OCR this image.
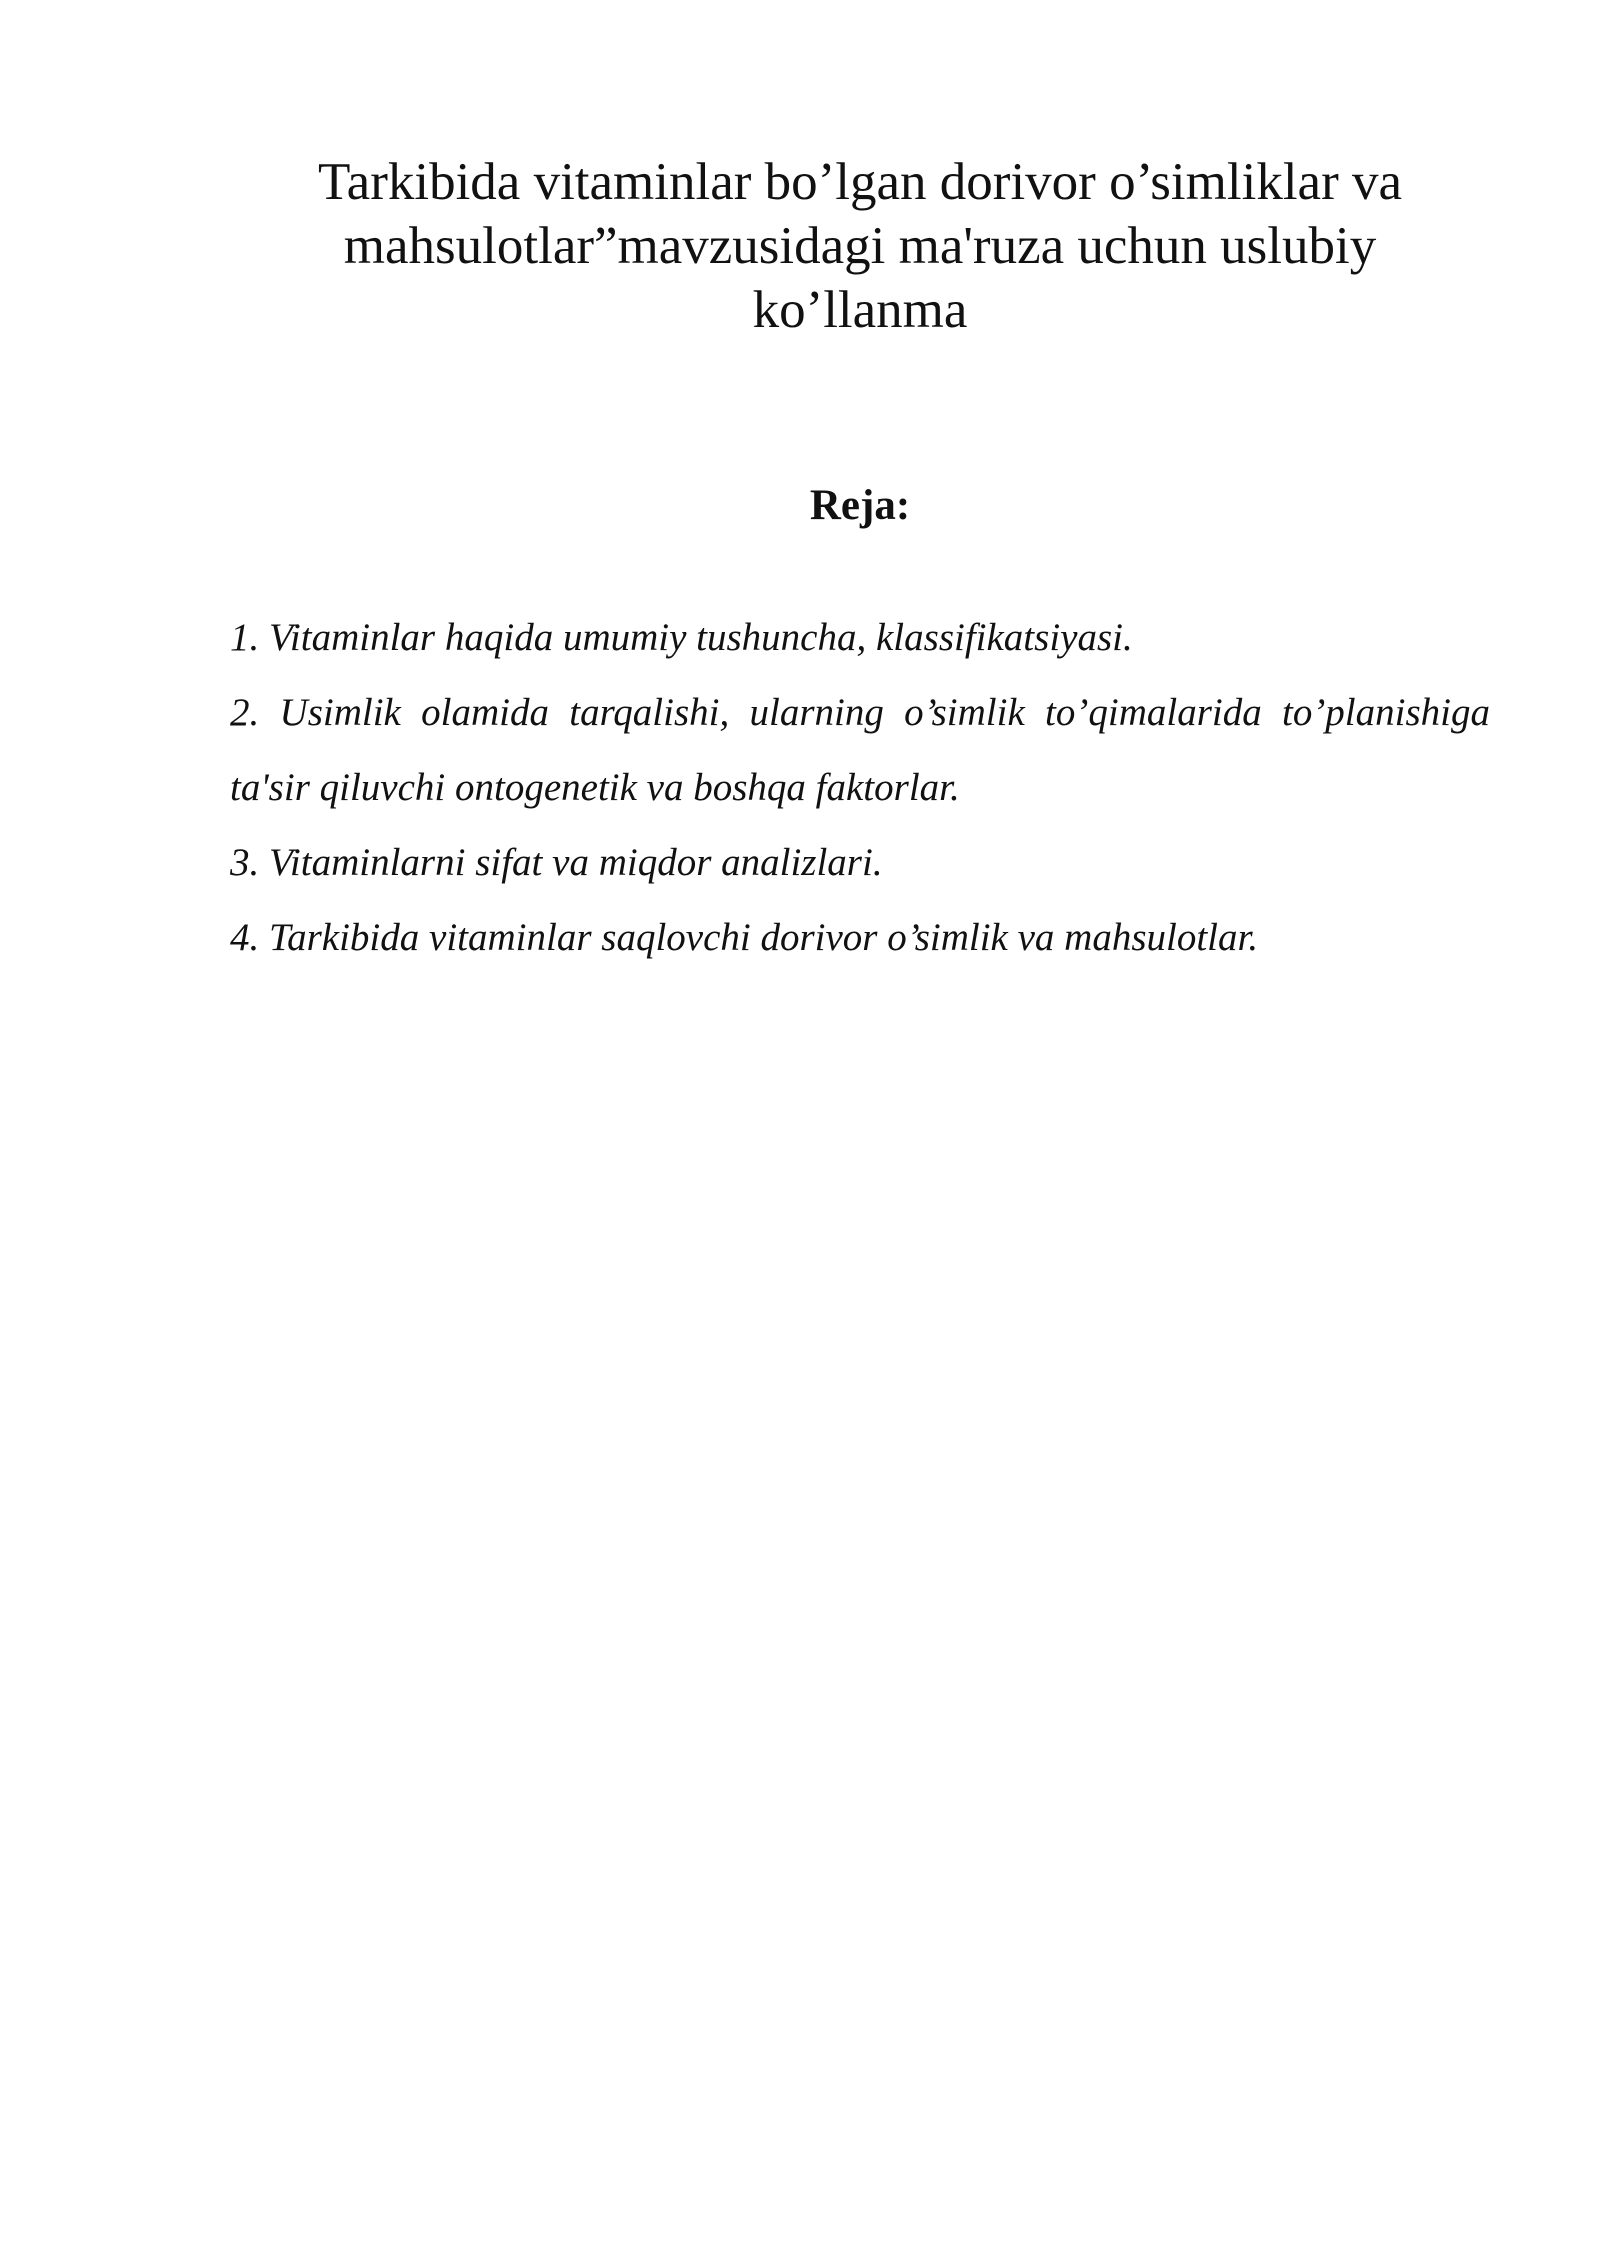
Tarkibida vitaminlar bo’lgan dorivor o’simliklar va
mahsulotlar”mavzusidagi ma'ruza uchun uslubiy
ko’llanma
Reja:
1. Vitaminlar haqida umumiy tushuncha, klassifikatsiyasi.
2. Usimlik olamida tarqalishi, ularning o’simlik to’qimalarida to’planishiga ta'sir qiluvchi ontogenetik va boshqa faktorlar.
3. Vitaminlarni sifat va miqdor analizlari.
4. Tarkibida vitaminlar saqlovchi dorivor o’simlik va mahsulotlar.
